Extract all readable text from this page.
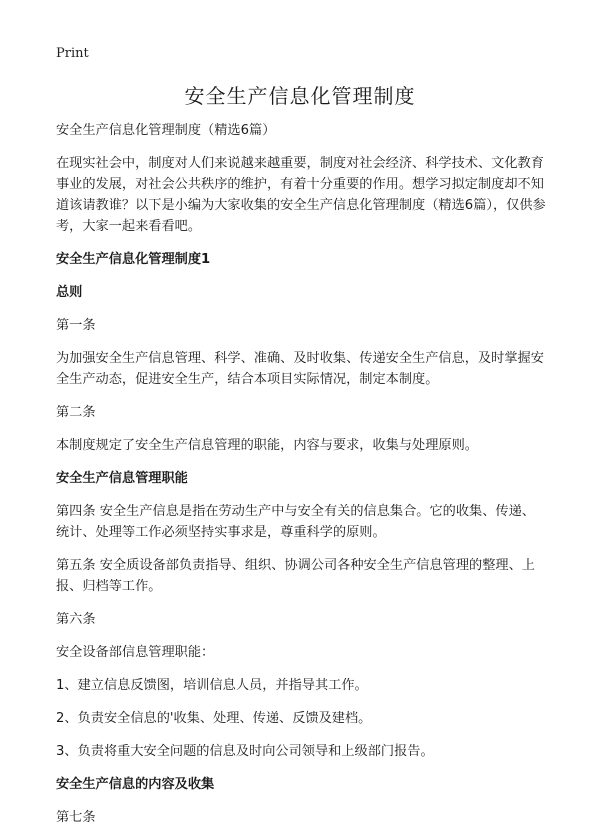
Print
安全生产信息化管理制度

安全生产信息化管理制度（精选6篇）

在现实社会中，制度对人们来说越来越重要，制度对社会经济、科学技术、文化教育事业的发展，对社会公共秩序的维护，有着十分重要的作用。想学习拟定制度却不知道该请教谁？以下是小编为大家收集的安全生产信息化管理制度（精选6篇），仅供参考，大家一起来看看吧。

安全生产信息化管理制度1

总则

第一条

为加强安全生产信息管理、科学、准确、及时收集、传递安全生产信息，及时掌握安全生产动态，促进安全生产，结合本项目实际情况，制定本制度。

第二条

本制度规定了安全生产信息管理的职能，内容与要求，收集与处理原则。

安全生产信息管理职能

第四条 安全生产信息是指在劳动生产中与安全有关的信息集合。它的收集、传递、统计、处理等工作必须坚持实事求是，尊重科学的原则。

第五条 安全质设备部负责指导、组织、协调公司各种安全生产信息管理的整理、上报、归档等工作。

第六条

安全设备部信息管理职能：

1、建立信息反馈图，培训信息人员，并指导其工作。

2、负责安全信息的'收集、处理、传递、反馈及建档。

3、负责将重大安全问题的信息及时向公司领导和上级部门报告。

安全生产信息的内容及收集

第七条
